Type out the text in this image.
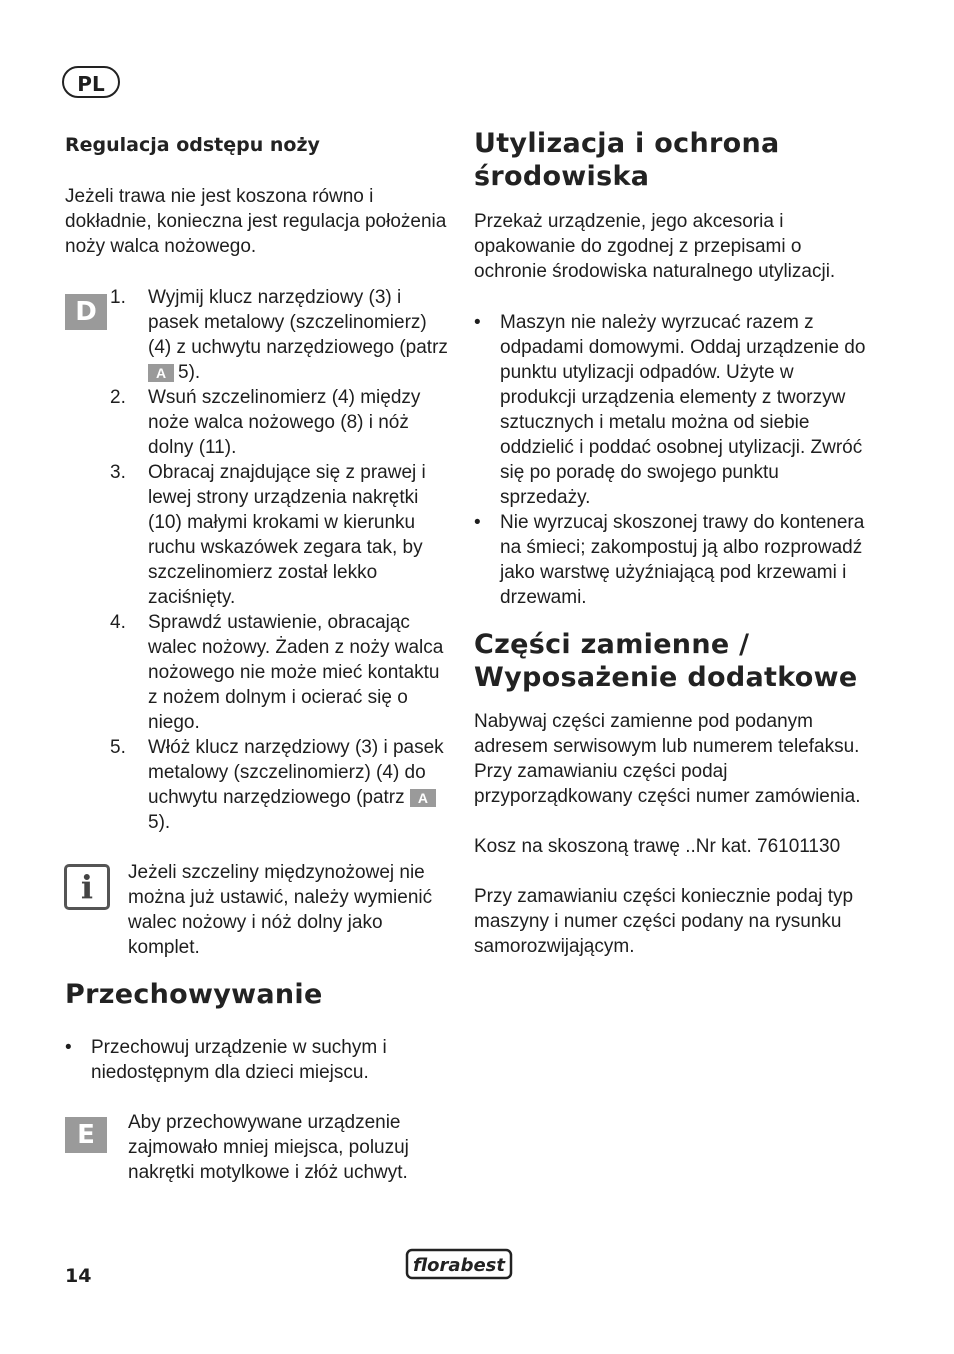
PL
Regulacja odstępu noży

Jeżeli trawa nie jest koszona równo i dokładnie, konieczna jest regulacja położenia noży walca nożowego.

D 1. Wyjmij klucz narzędziowy (3) i pasek metalowy (szczelinomierz) (4) z uchwytu narzędziowego (patrz A 5).
2. Wsuń szczelinomierz (4) między noże walca nożowego (8) i nóż dolny (11).
3. Obracaj znajdujące się z prawej i lewej strony urządzenia nakrętki (10) małymi krokami w kierunku ruchu wskazówek zegara tak, by szczelinomierz został lekko zaciśnięty.
4. Sprawdź ustawienie, obracając walec nożowy. Żaden z noży walca nożowego nie może mieć kontaktu z nożem dolnym i ocierać się o niego.
5. Włóż klucz narzędziowy (3) i pasek metalowy (szczelinomierz) (4) do uchwytu narzędziowego (patrz A5).
i	Jeżeli szczeliny międzynożowej nie można już ustawić, należy wymienić walec nożowy i nóż dolny jako komplet.

Przechowywanie
• Przechowuj urządzenie w suchym i niedostępnym dla dzieci miejscu.
E	Aby przechowywane urządzenie zajmowało mniej miejsca, poluzuj nakrętki motylkowe i złóż uchwyt.

Utylizacja i ochrona środowiska

Przekaż urządzenie, jego akcesoria i opakowanie do zgodnej z przepisami o ochronie środowiska naturalnego utylizacji.

• Maszyn nie należy wyrzucać razem z odpadami domowymi. Oddaj urządzenie do punktu utylizacji odpadów. Użyte w produkcji urządzenia elementy z tworzyw sztucznych i metalu można od siebie oddzielić i poddać osobnej utylizacji. Zwróć się po poradę do swojego punktu sprzedaży.
• Nie wyrzucaj skoszonej trawy do kontenera na śmieci; zakompostuj ją albo rozprowadź jako warstwę użyźniającą pod krzewami i drzewami.
Części zamienne / Wyposażenie dodatkowe

Nabywaj części zamienne pod podanym adresem serwisowym lub numerem telefaksu. Przy zamawianiu części podaj przyporządkowany części numer zamówienia.

Kosz na skoszoną trawę ..Nr kat. 76101130

Przy zamawianiu części koniecznie podaj typ maszyny i numer części podany na rysunku samorozwijającym.

14	florabest
